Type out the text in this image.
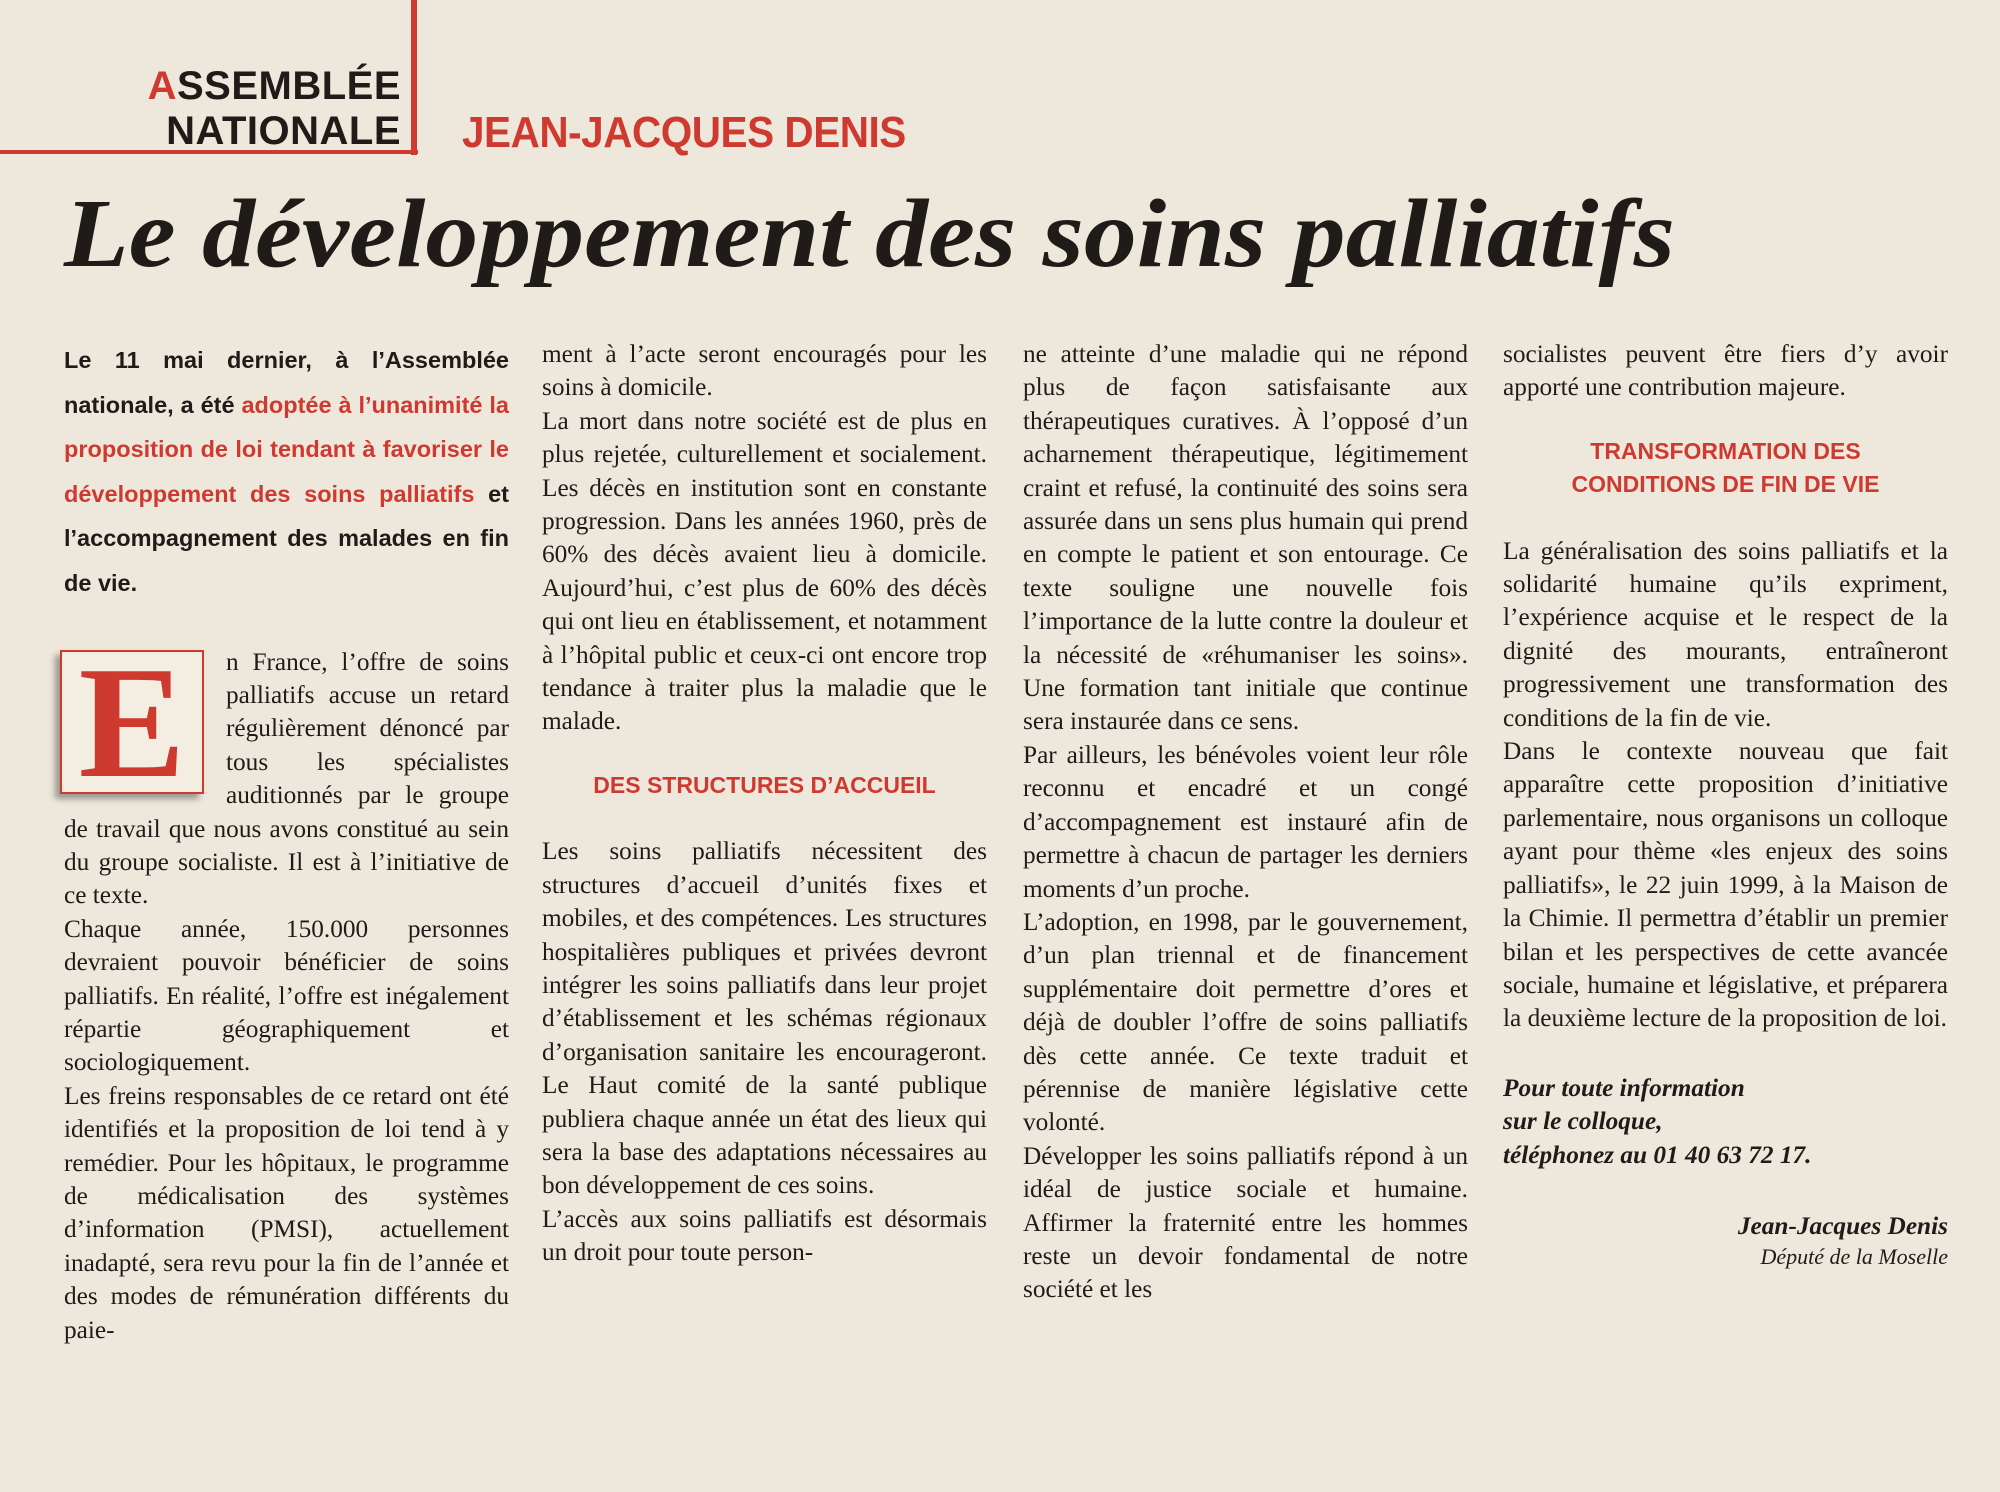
ASSEMBLÉE
NATIONALE JEAN-JACQUES DENIS
Le développement des soins palliatifs

Le 11 mai dernier, à l’Assemblée nationale, a été adoptée à l’unanimité la proposition de loi tendant à favoriser le développement des soins palliatifs et l’accompagnement des malades en fin de vie.

E	n France, l’offre de soins palliatifs accuse un retard régulièrement dénoncé par tous les spécialistes auditionnés par le groupe de travail que nous avons constitué au sein du groupe socialiste. Il est à l’initiative de ce texte.

Chaque année, 150.000 personnes devraient pouvoir bénéficier de soins palliatifs. En réalité, l’offre est inégalement répartie géographiquement et sociologiquement.

Les freins responsables de ce retard ont été identifiés et la proposition de loi tend à y remédier. Pour les hôpitaux, le programme de médicalisation des systèmes d’information (PMSI), actuellement inadapté, sera revu pour la fin de l’année et des modes de rémunération différents du paie-

ment à l’acte seront encouragés pour les soins à domicile.

La mort dans notre société est de plus en plus rejetée, culturellement et socialement. Les décès en institution sont en constante progression. Dans les années 1960, près de 60% des décès avaient lieu à domicile. Aujourd’hui, c’est plus de 60% des décès qui ont lieu en établissement, et notamment à l’hôpital public et ceux-ci ont encore trop tendance à traiter plus la maladie que le malade.

DES STRUCTURES D’ACCUEIL

Les soins palliatifs nécessitent des structures d’accueil d’unités fixes et mobiles, et des compétences. Les structures hospitalières publiques et privées devront intégrer les soins palliatifs dans leur projet d’établissement et les schémas régionaux d’organisation sanitaire les encourageront. Le Haut comité de la santé publique publiera chaque année un état des lieux qui sera la base des adaptations nécessaires au bon développement de ces soins.

L’accès aux soins palliatifs est désormais un droit pour toute person-

ne atteinte d’une maladie qui ne répond plus de façon satisfaisante aux thérapeutiques curatives. À l’opposé d’un acharnement thérapeutique, légitimement craint et refusé, la continuité des soins sera assurée dans un sens plus humain qui prend en compte le patient et son entourage. Ce texte souligne une nouvelle fois l’importance de la lutte contre la douleur et la nécessité de «réhumaniser les soins». Une formation tant initiale que continue sera instaurée dans ce sens.

Par ailleurs, les bénévoles voient leur rôle reconnu et encadré et un congé d’accompagnement est instauré afin de permettre à chacun de partager les derniers moments d’un proche.

L’adoption, en 1998, par le gouvernement, d’un plan triennal et de financement supplémentaire doit permettre d’ores et déjà de doubler l’offre de soins palliatifs dès cette année. Ce texte traduit et pérennise de manière législative cette volonté.

Développer les soins palliatifs répond à un idéal de justice sociale et humaine. Affirmer la fraternité entre les hommes reste un devoir fondamental de notre société et les

socialistes peuvent être fiers d’y avoir apporté une contribution majeure.

TRANSFORMATION DES
CONDITIONS DE FIN DE VIE

La généralisation des soins palliatifs et la solidarité humaine qu’ils expriment, l’expérience acquise et le respect de la dignité des mourants, entraîneront progressivement une transformation des conditions de la fin de vie.

Dans le contexte nouveau que fait apparaître cette proposition d’initiative parlementaire, nous organisons un colloque ayant pour thème «les enjeux des soins palliatifs», le 22 juin 1999, à la Maison de la Chimie. Il permettra d’établir un premier bilan et les perspectives de cette avancée sociale, humaine et législative, et préparera la deuxième lecture de la proposition de loi.

Pour toute information
sur le colloque,
téléphonez au 01 40 63 72 17.

Jean-Jacques Denis
Député de la Moselle
